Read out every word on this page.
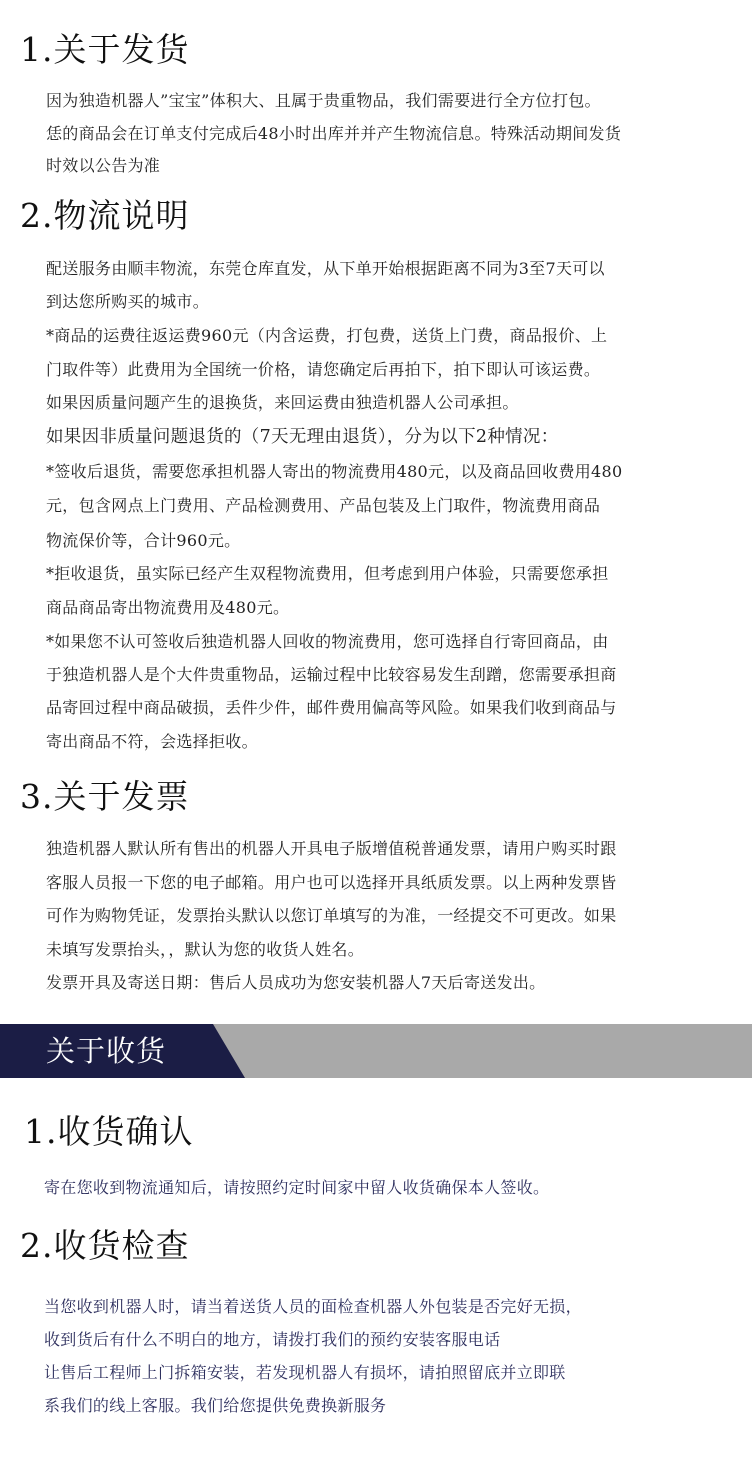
1.关于发货
因为独造机器人”宝宝”体积大、且属于贵重物品，我们需要进行全方位打包。
恁的商品会在订单支付完成后48小时出库并并产生物流信息。特殊活动期间发货
时效以公告为准
2.物流说明
配送服务由顺丰物流，东莞仓库直发，从下单开始根据距离不同为3至7天可以
到达您所购买的城市。
*商品的运费往返运费960元（内含运费，打包费，送货上门费，商品报价、上
门取件等）此费用为全国统一价格，请您确定后再拍下，拍下即认可该运费。
如果因质量问题产生的退换货，来回运费由独造机器人公司承担。
如果因非质量问题退货的（7天无理由退货），分为以下2种情况：
*签收后退货，需要您承担机器人寄出的物流费用480元，以及商品回收费用480
元，包含网点上门费用、产品检测费用、产品包装及上门取件，物流费用商品
物流保价等，合计960元。
*拒收退货，虽实际已经产生双程物流费用，但考虑到用户体验，只需要您承担
商品商品寄出物流费用及480元。
*如果您不认可签收后独造机器人回收的物流费用，您可选择自行寄回商品，由
于独造机器人是个大件贵重物品，运输过程中比较容易发生刮蹭，您需要承担商
品寄回过程中商品破损，丢件少件，邮件费用偏高等风险。如果我们收到商品与
寄出商品不符，会选择拒收。
3.关于发票
独造机器人默认所有售出的机器人开具电子版增值税普通发票，请用户购买时跟
客服人员报一下您的电子邮箱。用户也可以选择开具纸质发票。以上两种发票皆
可作为购物凭证，发票抬头默认以您订单填写的为准，一经提交不可更改。如果
未填写发票抬头，，默认为您的收货人姓名。
发票开具及寄送日期：售后人员成功为您安装机器人7天后寄送发出。
关于收货
1.收货确认
寄在您收到物流通知后，请按照约定时间家中留人收货确保本人签收。
2.收货检查
当您收到机器人时，请当着送货人员的面检查机器人外包装是否完好无损，
收到货后有什么不明白的地方，请拨打我们的预约安装客服电话
让售后工程师上门拆箱安装，若发现机器人有损坏，请拍照留底并立即联
系我们的线上客服。我们给您提供免费换新服务
